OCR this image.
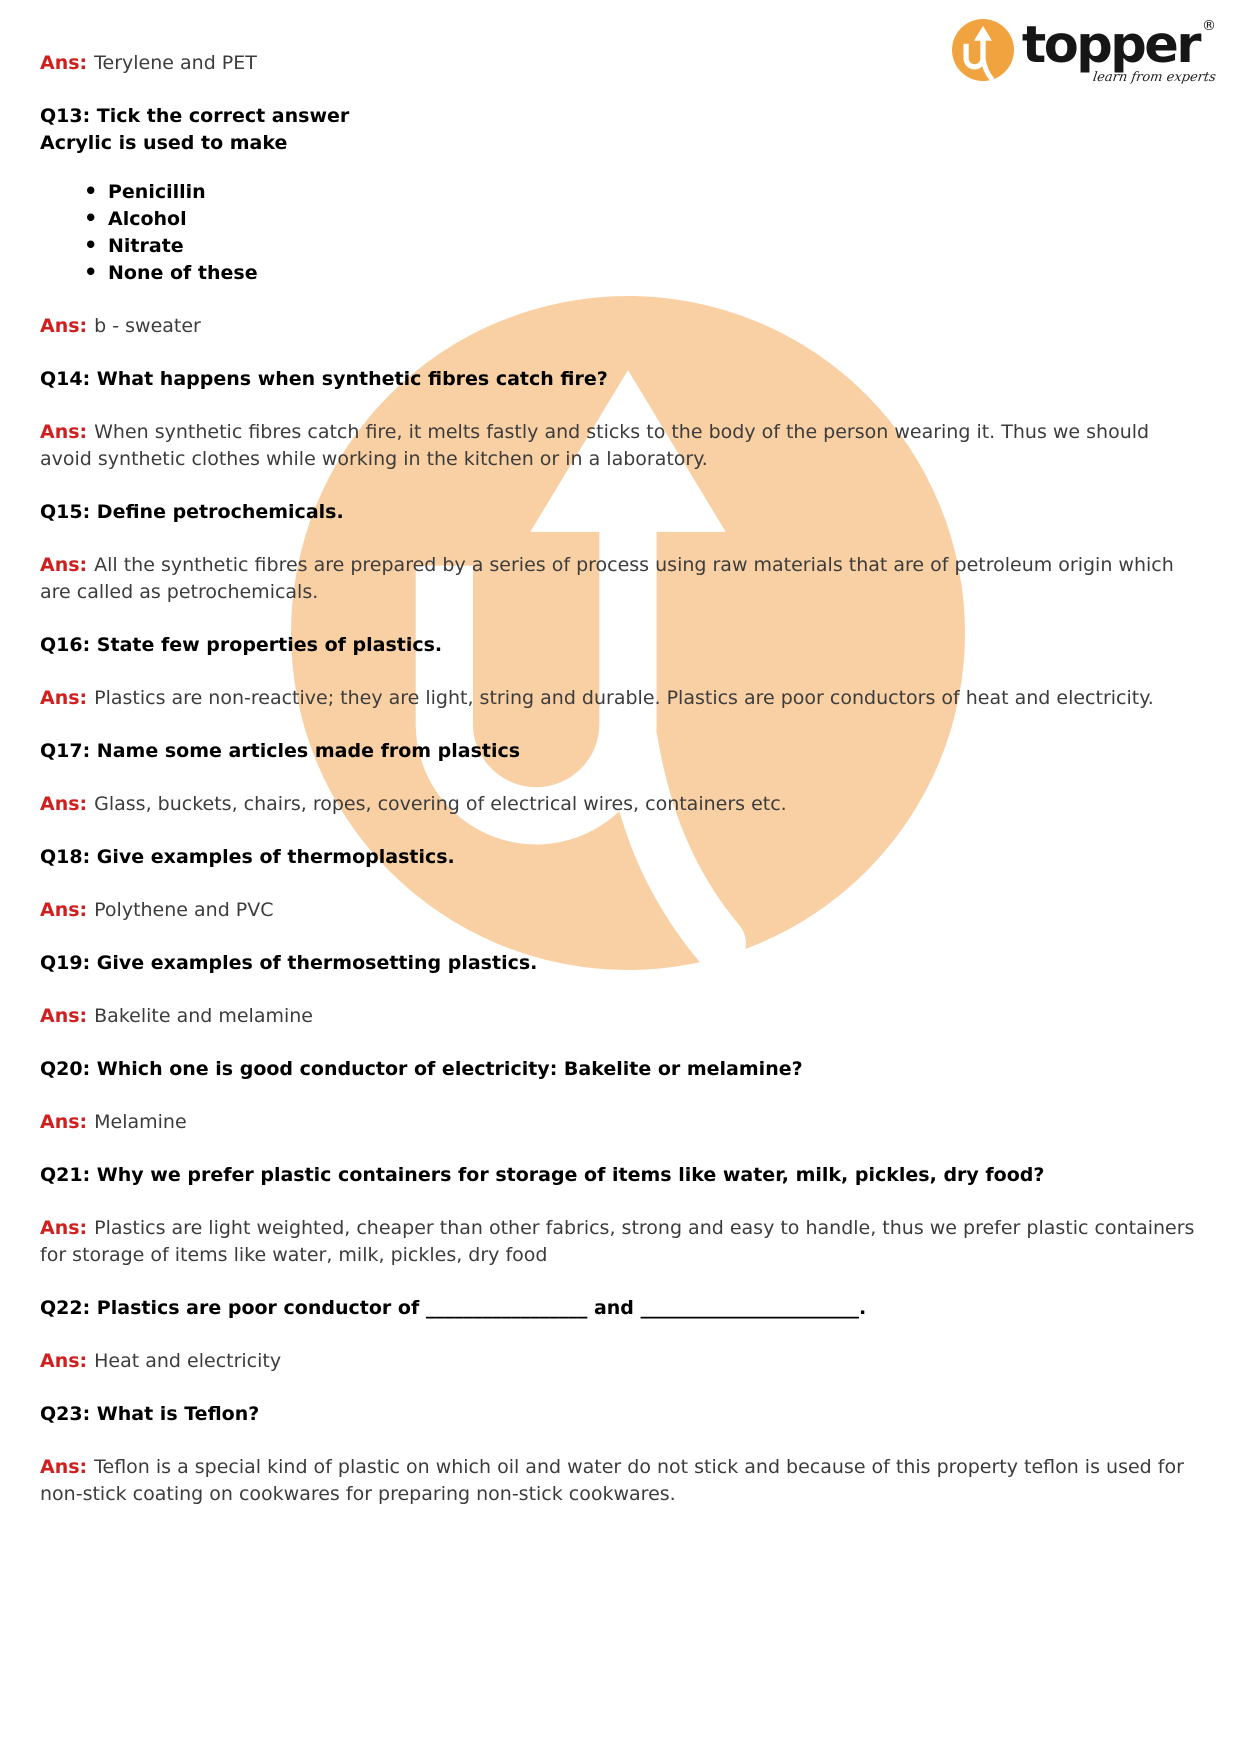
topper ®
learn from experts

Ans: Terylene and PET

Q13: Tick the correct answer
Acrylic is used to make
• Penicillin
• Alcohol
• Nitrate
• None of these

Ans: b - sweater

Q14: What happens when synthetic fibres catch fire?

Ans: When synthetic fibres catch fire, it melts fastly and sticks to the body of the person wearing it. Thus we should avoid synthetic clothes while working in the kitchen or in a laboratory.

Q15: Define petrochemicals.

Ans: All the synthetic fibres are prepared by a series of process using raw materials that are of petroleum origin which are called as petrochemicals.

Q16: State few properties of plastics.

Ans: Plastics are non-reactive; they are light, string and durable. Plastics are poor conductors of heat and electricity.

Q17: Name some articles made from plastics

Ans: Glass, buckets, chairs, ropes, covering of electrical wires, containers etc.

Q18: Give examples of thermoplastics.

Ans: Polythene and PVC

Q19: Give examples of thermosetting plastics.

Ans: Bakelite and melamine

Q20: Which one is good conductor of electricity: Bakelite or melamine?

Ans: Melamine

Q21: Why we prefer plastic containers for storage of items like water, milk, pickles, dry food?

Ans: Plastics are light weighted, cheaper than other fabrics, strong and easy to handle, thus we prefer plastic containers for storage of items like water, milk, pickles, dry food

Q22: Plastics are poor conductor of _________________ and _______________________.

Ans: Heat and electricity

Q23: What is Teflon?

Ans: Teflon is a special kind of plastic on which oil and water do not stick and because of this property teflon is used for non-stick coating on cookwares for preparing non-stick cookwares.
